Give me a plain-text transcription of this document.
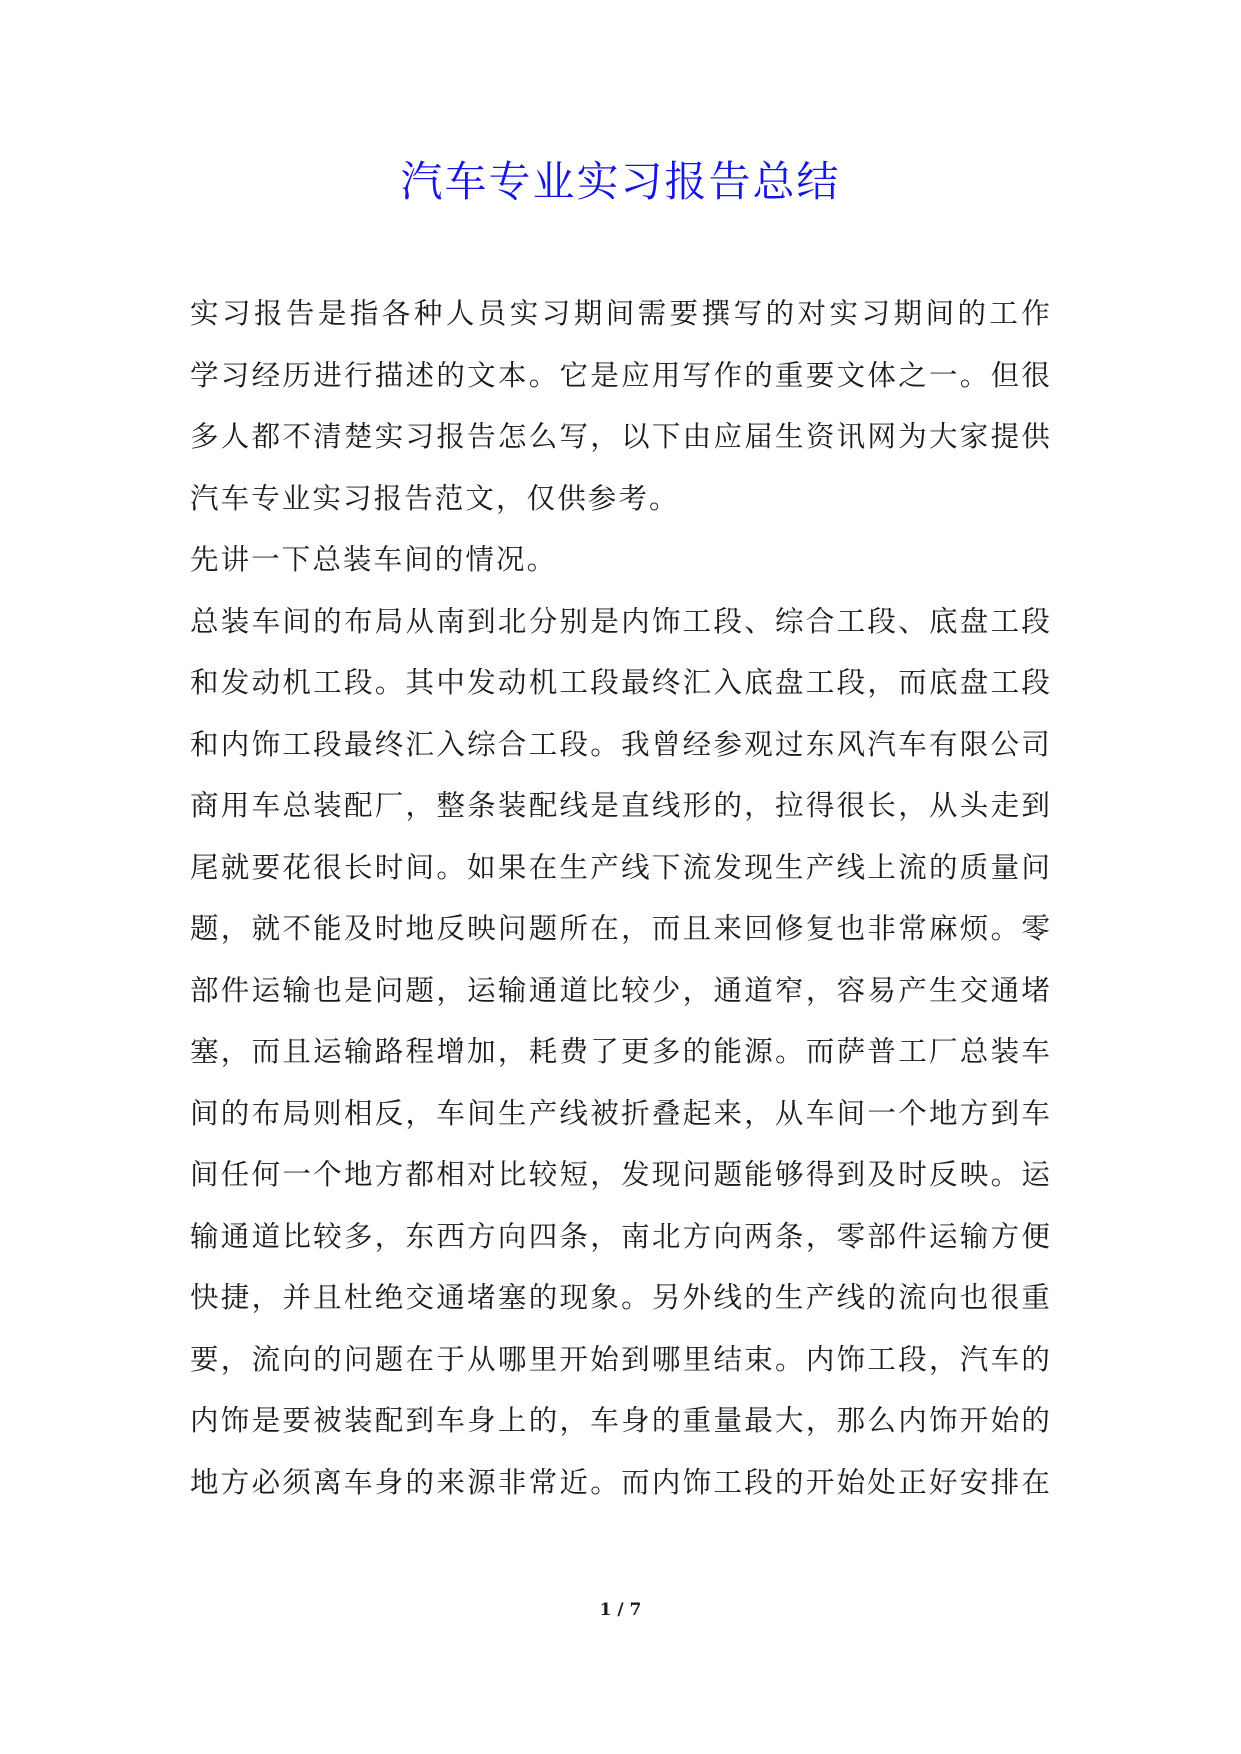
汽车专业实习报告总结
实习报告是指各种人员实习期间需要撰写的对实习期间的工作
学习经历进行描述的文本。它是应用写作的重要文体之一。但很
多人都不清楚实习报告怎么写，以下由应届生资讯网为大家提供
汽车专业实习报告范文，仅供参考。
先讲一下总装车间的情况。
总装车间的布局从南到北分别是内饰工段、综合工段、底盘工段
和发动机工段。其中发动机工段最终汇入底盘工段，而底盘工段
和内饰工段最终汇入综合工段。我曾经参观过东风汽车有限公司
商用车总装配厂，整条装配线是直线形的，拉得很长，从头走到
尾就要花很长时间。如果在生产线下流发现生产线上流的质量问
题，就不能及时地反映问题所在，而且来回修复也非常麻烦。零
部件运输也是问题，运输通道比较少，通道窄，容易产生交通堵
塞，而且运输路程增加，耗费了更多的能源。而萨普工厂总装车
间的布局则相反，车间生产线被折叠起来，从车间一个地方到车
间任何一个地方都相对比较短，发现问题能够得到及时反映。运
输通道比较多，东西方向四条，南北方向两条，零部件运输方便
快捷，并且杜绝交通堵塞的现象。另外线的生产线的流向也很重
要，流向的问题在于从哪里开始到哪里结束。内饰工段，汽车的
内饰是要被装配到车身上的，车身的重量最大，那么内饰开始的
地方必须离车身的来源非常近。而内饰工段的开始处正好安排在
1 / 7
